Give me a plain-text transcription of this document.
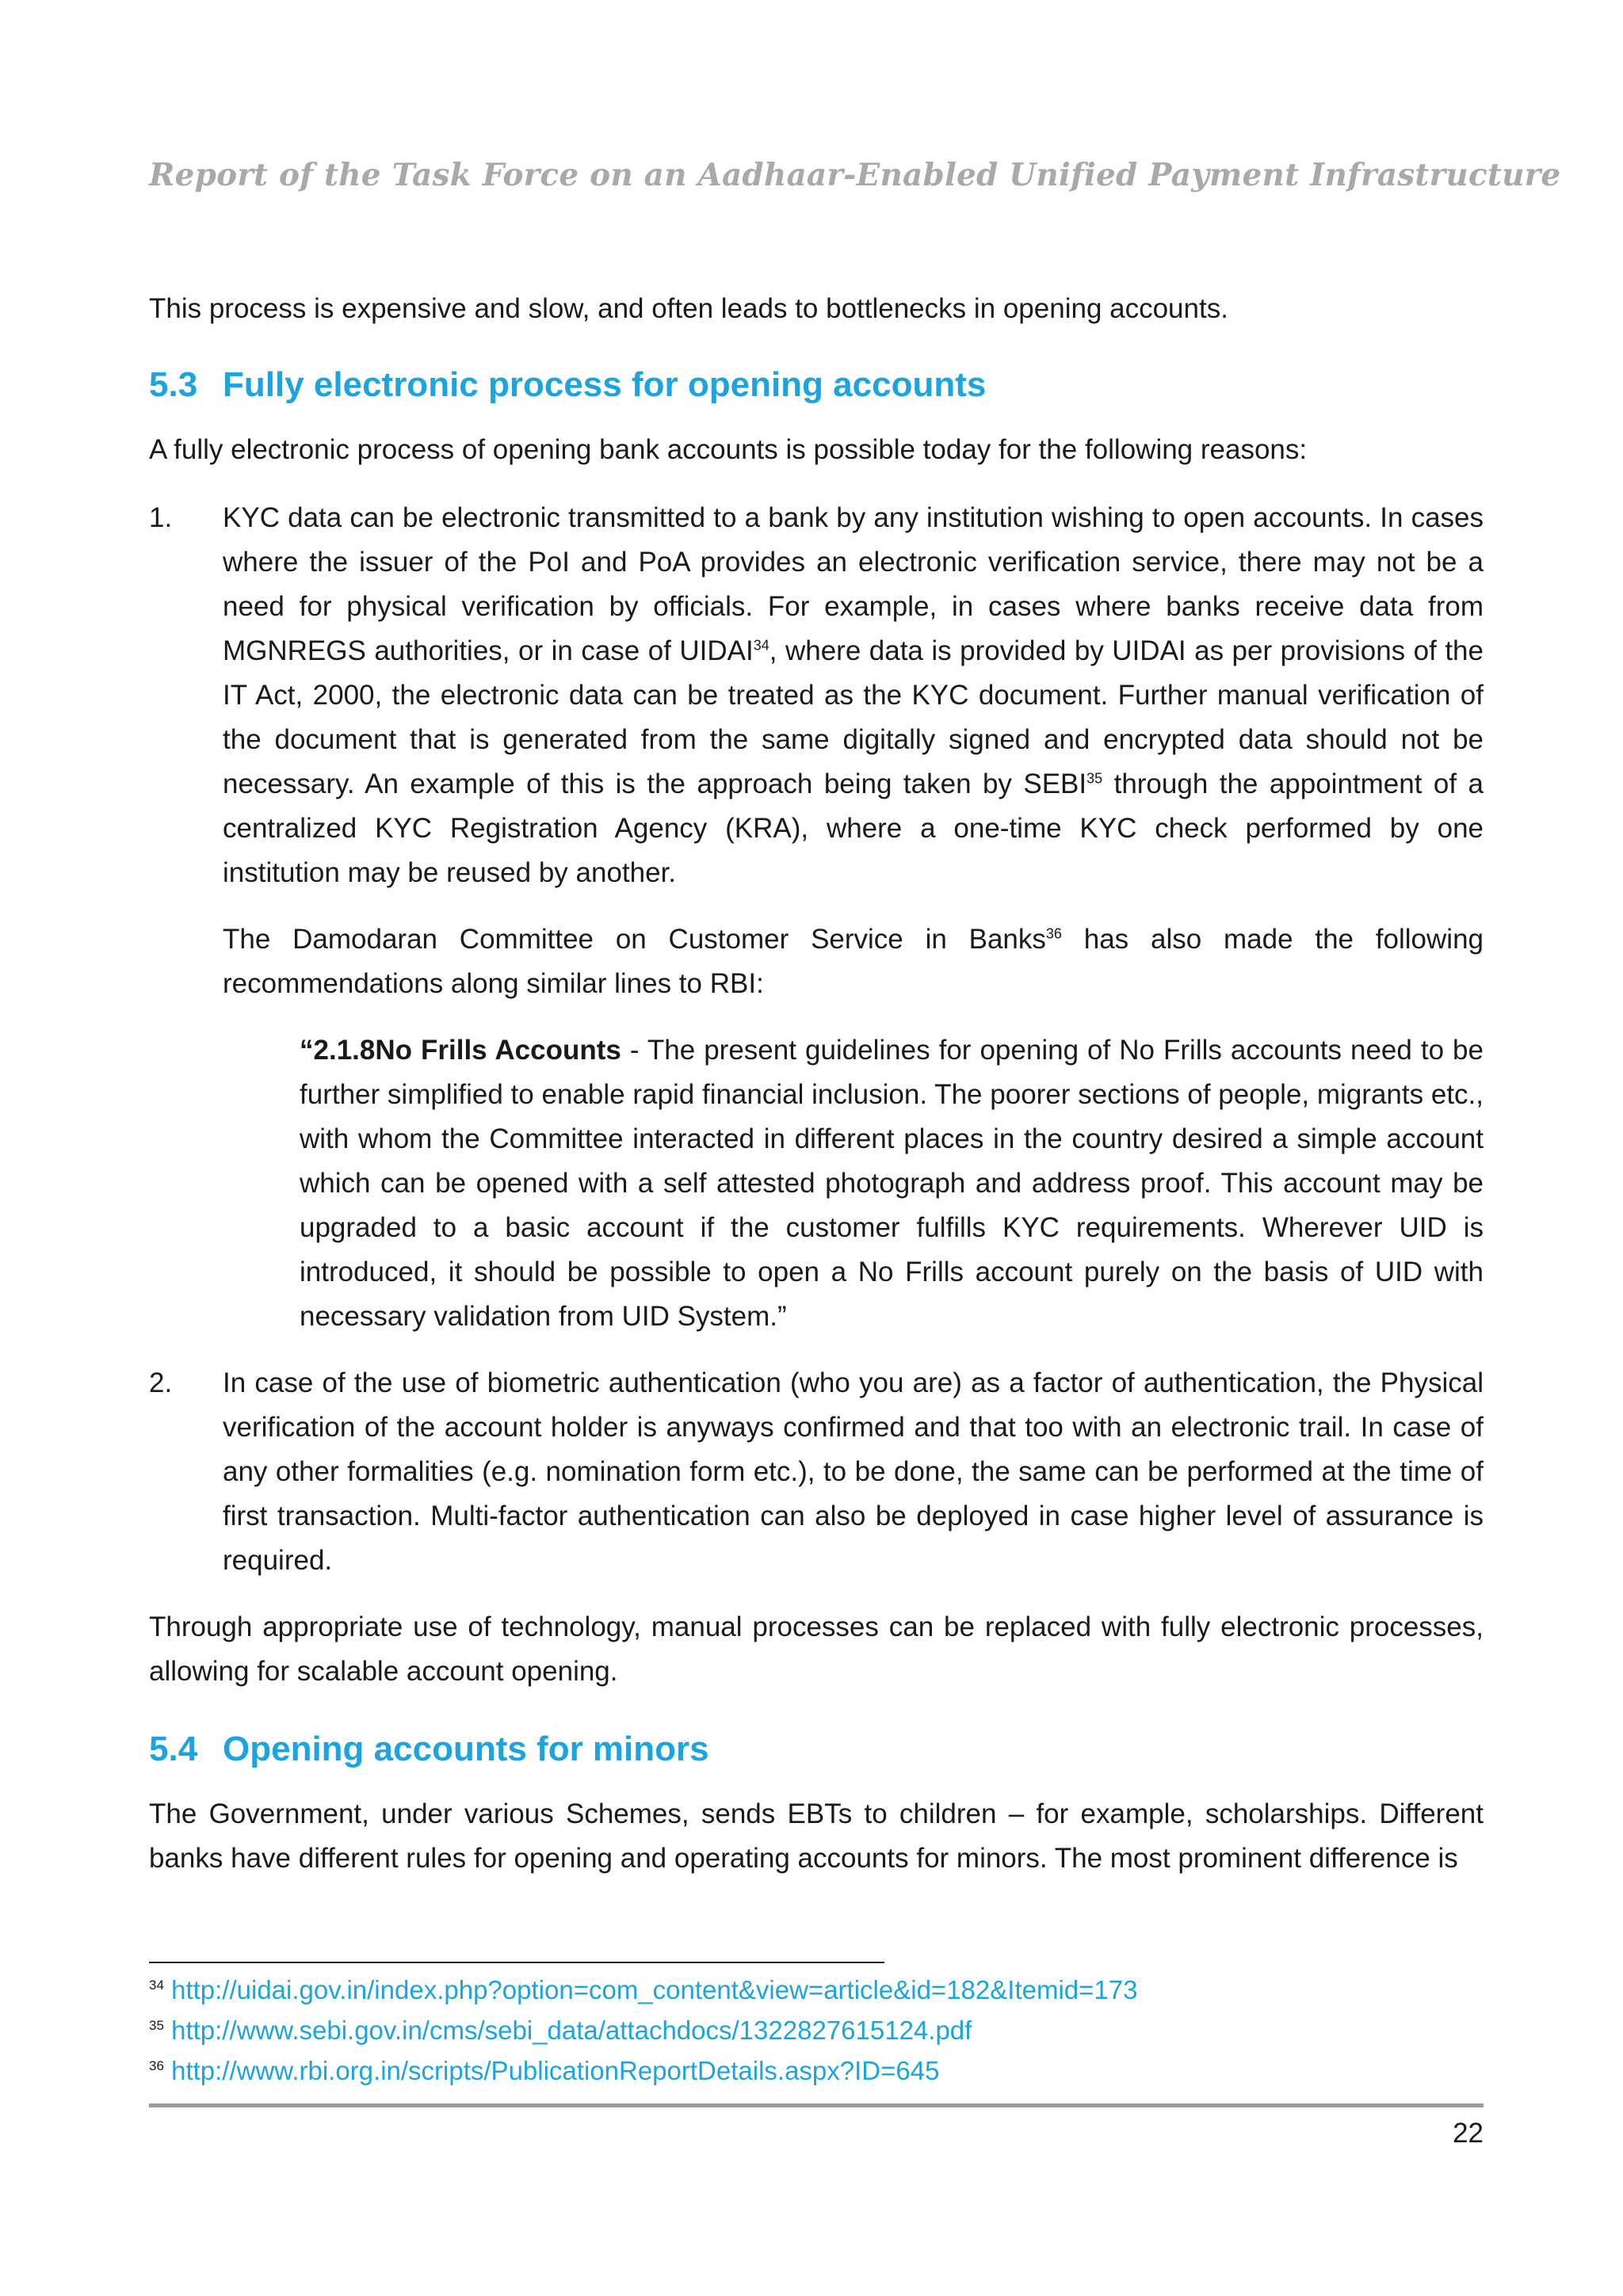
Report of the Task Force on an Aadhaar-Enabled Unified Payment Infrastructure

This process is expensive and slow, and often leads to bottlenecks in opening accounts.

5.3 Fully electronic process for opening accounts

A fully electronic process of opening bank accounts is possible today for the following reasons:

1. KYC data can be electronic transmitted to a bank by any institution wishing to open accounts. In cases where the issuer of the PoI and PoA provides an electronic verification service, there may not be a need for physical verification by officials. For example, in cases where banks receive data from MGNREGS authorities, or in case of UIDAI$^{34}$, where data is provided by UIDAI as per provisions of the IT Act, 2000, the electronic data can be treated as the KYC document. Further manual verification of the document that is generated from the same digitally signed and encrypted data should not be necessary. An example of this is the approach being taken by SEBI$^{35}$ through the appointment of a centralized KYC Registration Agency (KRA), where a one-time KYC check performed by one institution may be reused by another.

The Damodaran Committee on Customer Service in Banks$^{36}$ has also made the following recommendations along similar lines to RBI:

“2.1.8No Frills Accounts - The present guidelines for opening of No Frills accounts need to be further simplified to enable rapid financial inclusion. The poorer sections of people, migrants etc., with whom the Committee interacted in different places in the country desired a simple account which can be opened with a self attested photograph and address proof. This account may be upgraded to a basic account if the customer fulfills KYC requirements. Wherever UID is introduced, it should be possible to open a No Frills account purely on the basis of UID with necessary validation from UID System.”

2. In case of the use of biometric authentication (who you are) as a factor of authentication, the Physical verification of the account holder is anyways confirmed and that too with an electronic trail. In case of any other formalities (e.g. nomination form etc.), to be done, the same can be performed at the time of first transaction. Multi-factor authentication can also be deployed in case higher level of assurance is required.

Through appropriate use of technology, manual processes can be replaced with fully electronic processes, allowing for scalable account opening.

5.4 Opening accounts for minors

The Government, under various Schemes, sends EBTs to children – for example, scholarships. Different banks have different rules for opening and operating accounts for minors. The most prominent difference is

$^{34}$ http://uidai.gov.in/index.php?option=com_content&view=article&id=182&Itemid=173
$^{35}$ http://www.sebi.gov.in/cms/sebi_data/attachdocs/1322827615124.pdf
$^{36}$ http://www.rbi.org.in/scripts/PublicationReportDetails.aspx?ID=645
22
